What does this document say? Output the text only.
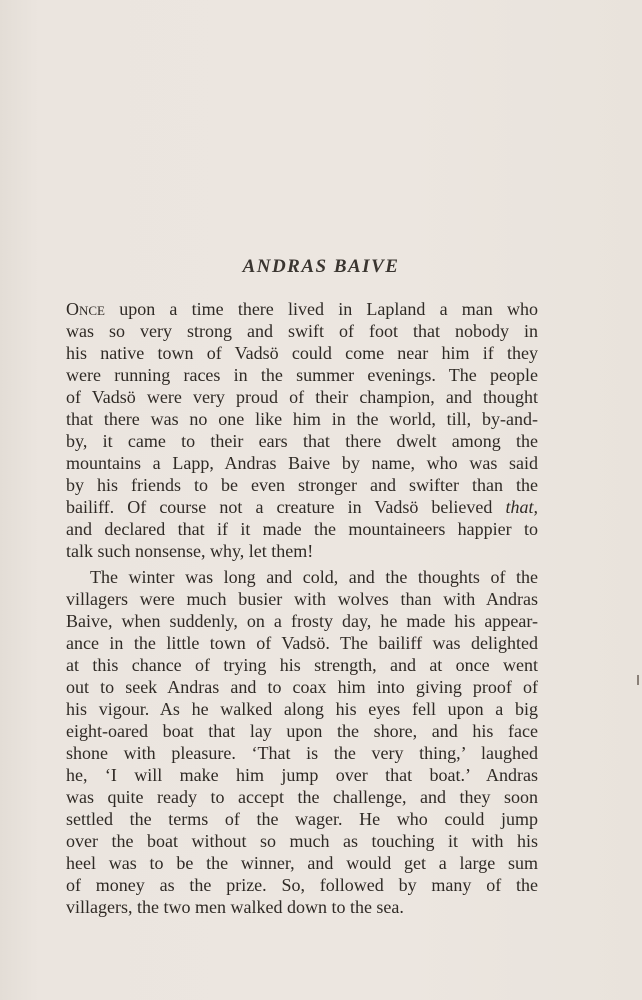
ANDRAS BAIVE
Once upon a time there lived in Lapland a man who
was so very strong and swift of foot that nobody in
his native town of Vadsö could come near him if they
were running races in the summer evenings. The people
of Vadsö were very proud of their champion, and thought
that there was no one like him in the world, till, by-and-
by, it came to their ears that there dwelt among the
mountains a Lapp, Andras Baive by name, who was said
by his friends to be even stronger and swifter than the
bailiff. Of course not a creature in Vadsö believed that,
and declared that if it made the mountaineers happier to
talk such nonsense, why, let them!
The winter was long and cold, and the thoughts of the
villagers were much busier with wolves than with Andras
Baive, when suddenly, on a frosty day, he made his appear-
ance in the little town of Vadsö. The bailiff was delighted
at this chance of trying his strength, and at once went
out to seek Andras and to coax him into giving proof of
his vigour. As he walked along his eyes fell upon a big
eight-oared boat that lay upon the shore, and his face
shone with pleasure. ‘That is the very thing,’ laughed
he, ‘I will make him jump over that boat.’ Andras
was quite ready to accept the challenge, and they soon
settled the terms of the wager. He who could jump
over the boat without so much as touching it with his
heel was to be the winner, and would get a large sum
of money as the prize. So, followed by many of the
villagers, the two men walked down to the sea.
